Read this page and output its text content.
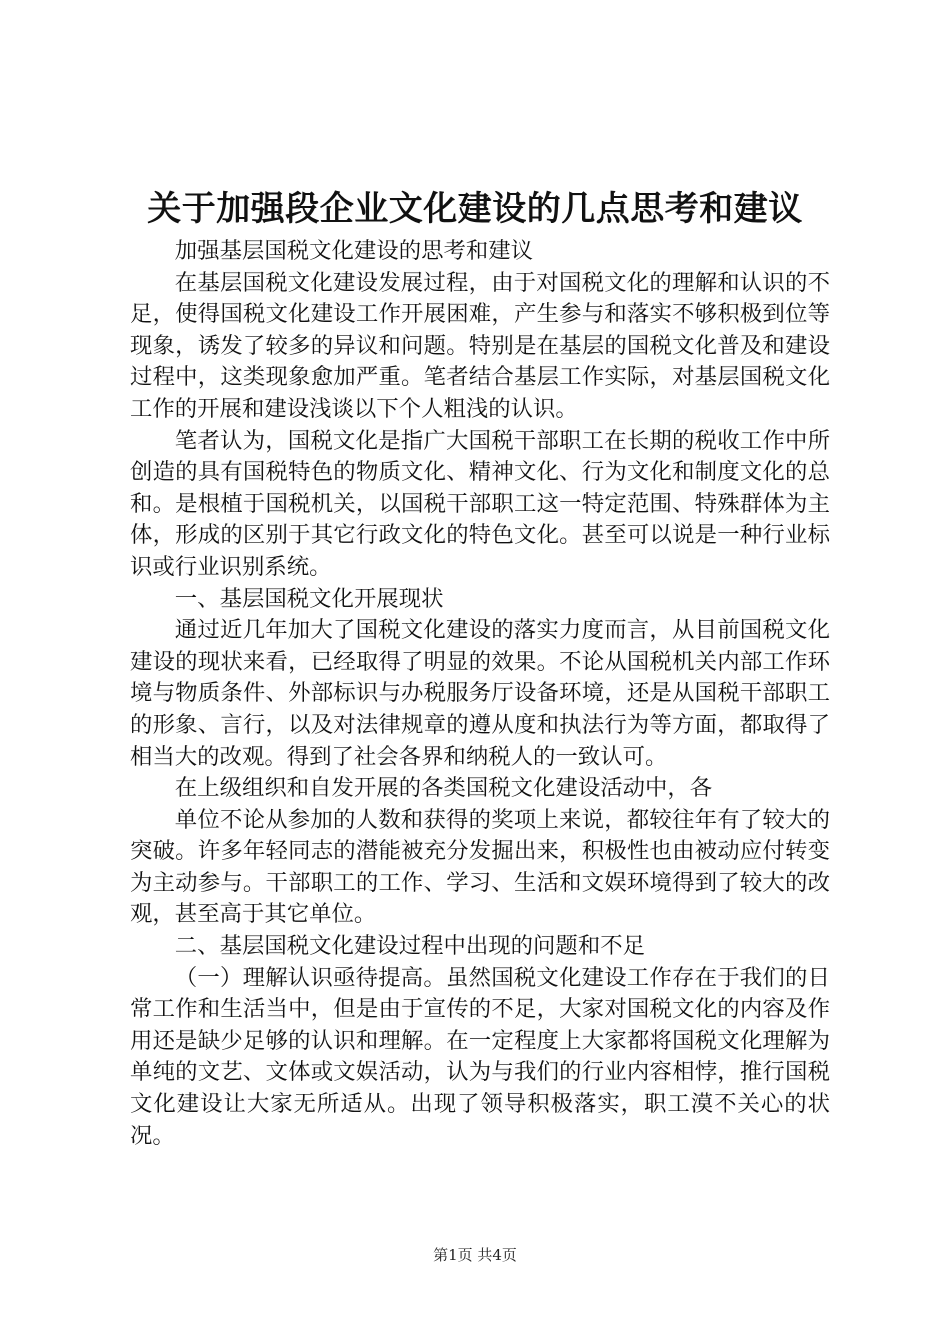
关于加强段企业文化建设的几点思考和建议

加强基层国税文化建设的思考和建议

在基层国税文化建设发展过程，由于对国税文化的理解和认识的不足，使得国税文化建设工作开展困难，产生参与和落实不够积极到位等现象，诱发了较多的异议和问题。特别是在基层的国税文化普及和建设过程中，这类现象愈加严重。笔者结合基层工作实际，对基层国税文化工作的开展和建设浅谈以下个人粗浅的认识。

笔者认为，国税文化是指广大国税干部职工在长期的税收工作中所创造的具有国税特色的物质文化、精神文化、行为文化和制度文化的总和。是根植于国税机关，以国税干部职工这一特定范围、特殊群体为主体，形成的区别于其它行政文化的特色文化。甚至可以说是一种行业标识或行业识别系统。

一、基层国税文化开展现状

通过近几年加大了国税文化建设的落实力度而言，从目前国税文化建设的现状来看，已经取得了明显的效果。不论从国税机关内部工作环境与物质条件、外部标识与办税服务厅设备环境，还是从国税干部职工的形象、言行，以及对法律规章的遵从度和执法行为等方面，都取得了相当大的改观。得到了社会各界和纳税人的一致认可。

在上级组织和自发开展的各类国税文化建设活动中，各

单位不论从参加的人数和获得的奖项上来说，都较往年有了较大的突破。许多年轻同志的潜能被充分发掘出来，积极性也由被动应付转变为主动参与。干部职工的工作、学习、生活和文娱环境得到了较大的改观，甚至高于其它单位。

二、基层国税文化建设过程中出现的问题和不足

（一）理解认识亟待提高。虽然国税文化建设工作存在于我们的日常工作和生活当中，但是由于宣传的不足，大家对国税文化的内容及作用还是缺少足够的认识和理解。在一定程度上大家都将国税文化理解为单纯的文艺、文体或文娱活动，认为与我们的行业内容相悖，推行国税文化建设让大家无所适从。出现了领导积极落实，职工漠不关心的状况。

第1页 共4页
